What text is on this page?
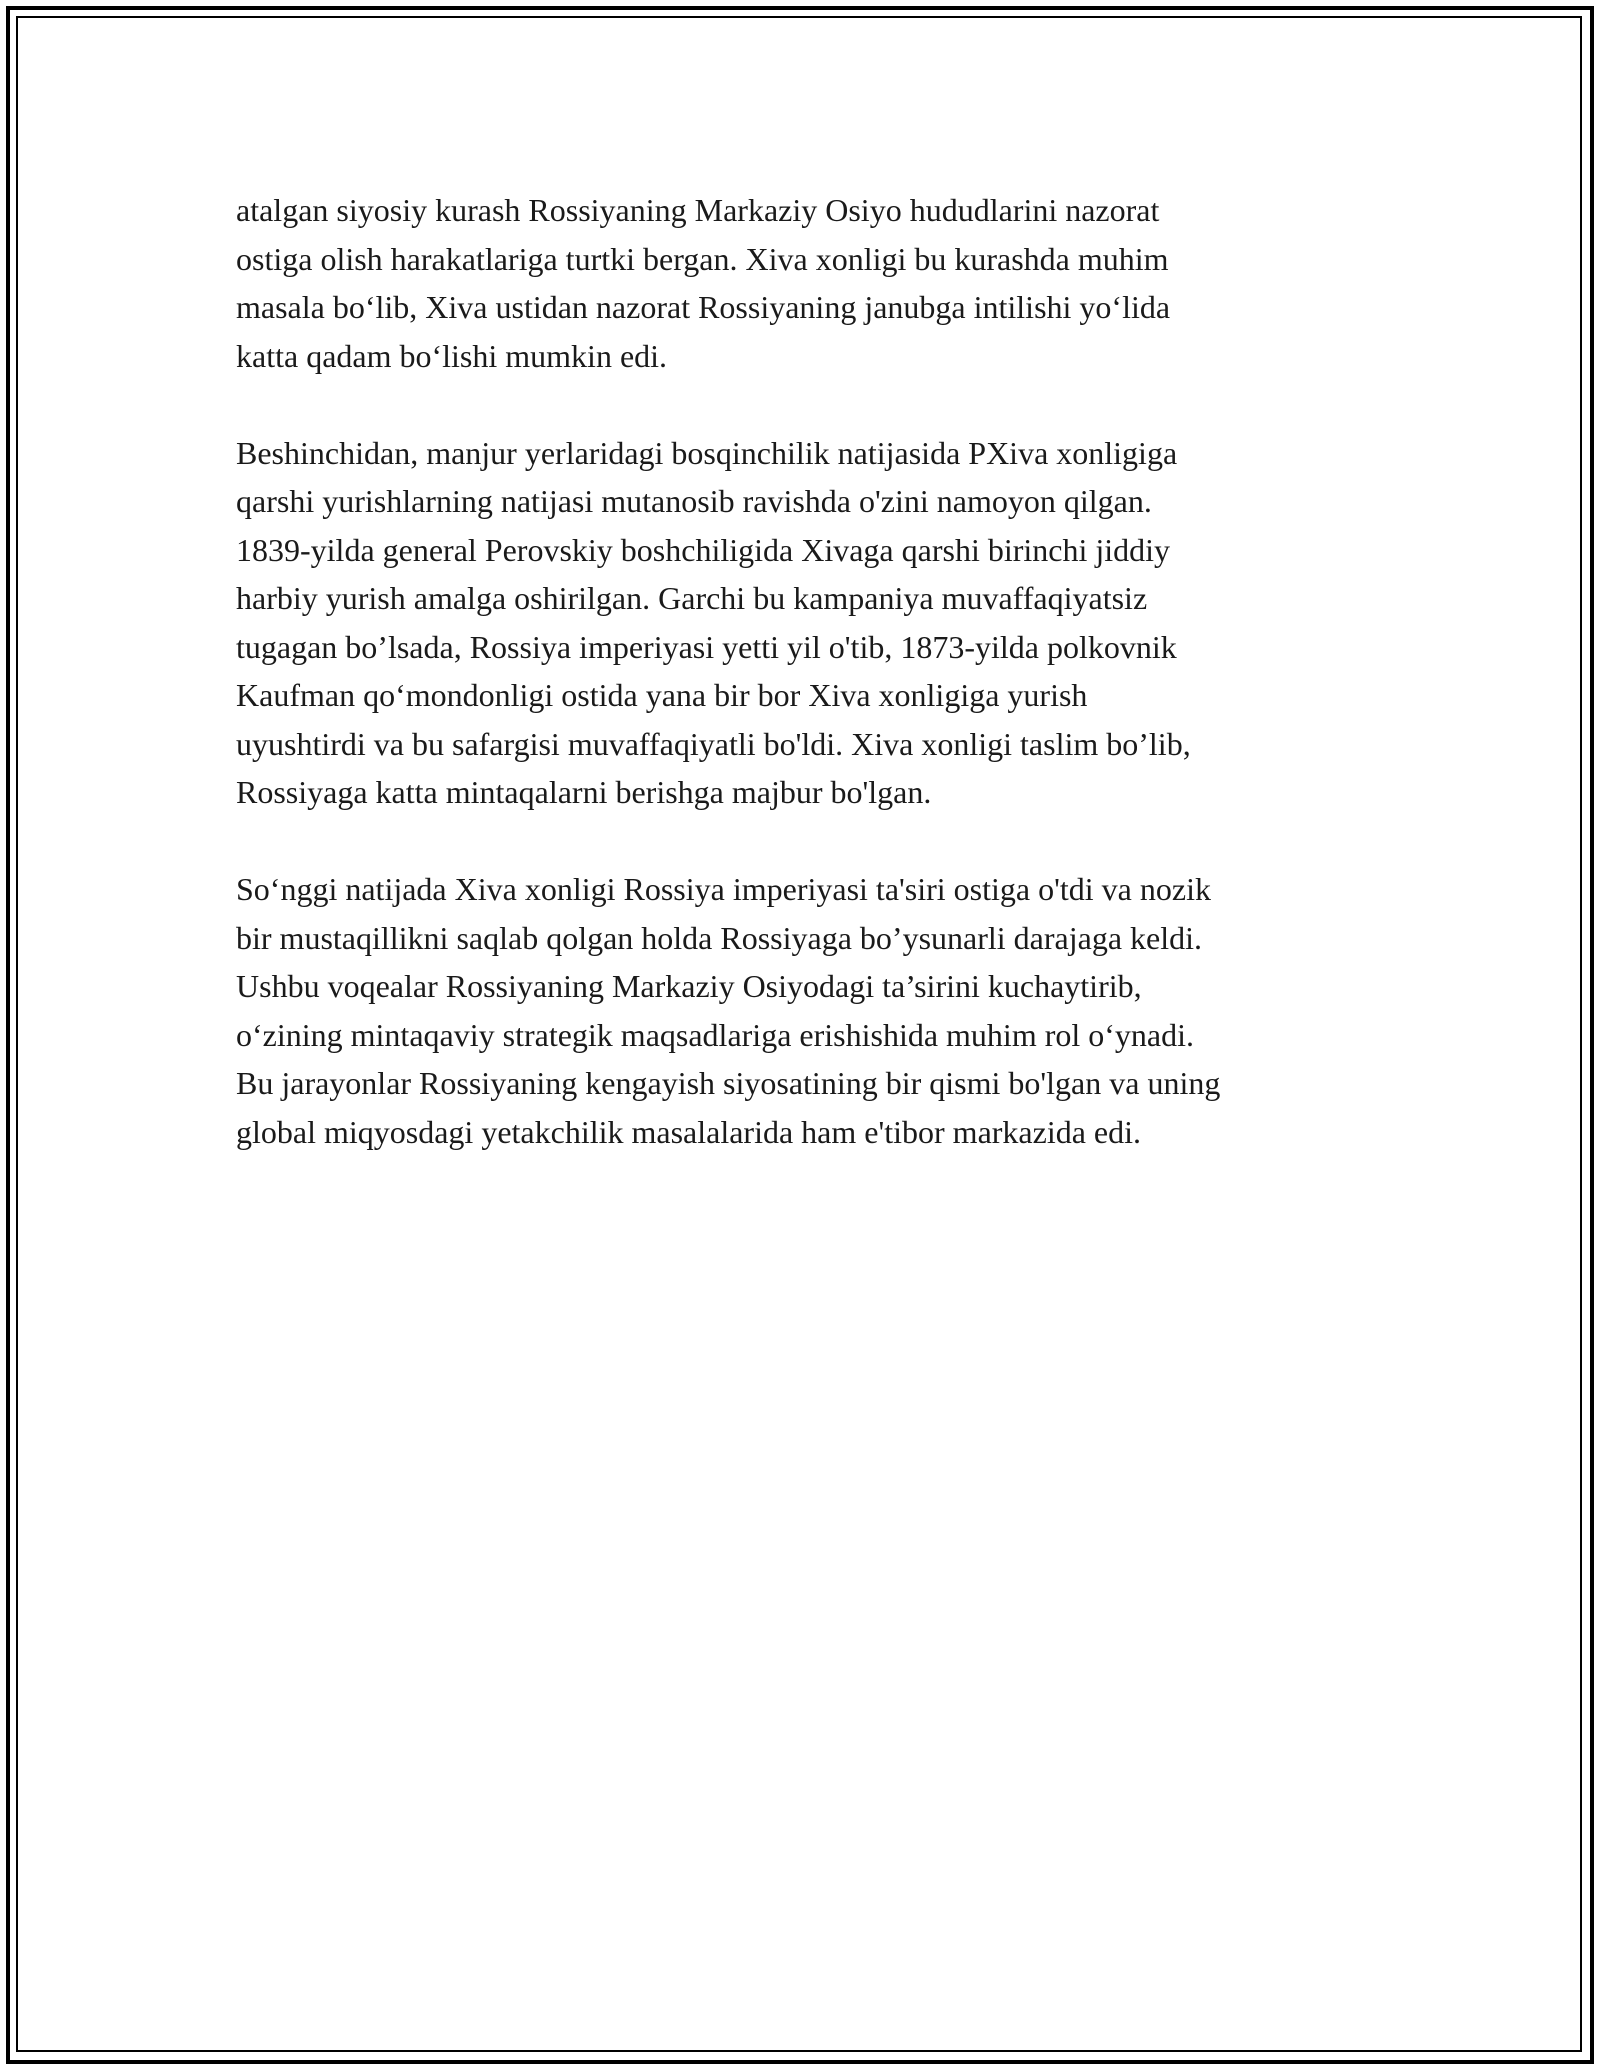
atalgan siyosiy kurash Rossiyaning Markaziy Osiyo hududlarini nazorat
ostiga olish harakatlariga turtki bergan. Xiva xonligi bu kurashda muhim
masala bo‘lib, Xiva ustidan nazorat Rossiyaning janubga intilishi yo‘lida
katta qadam bo‘lishi mumkin edi.

Beshinchidan, manjur yerlaridagi bosqinchilik natijasida PXiva xonligiga
qarshi yurishlarning natijasi mutanosib ravishda o'zini namoyon qilgan.
1839-yilda general Perovskiy boshchiligida Xivaga qarshi birinchi jiddiy
harbiy yurish amalga oshirilgan. Garchi bu kampaniya muvaffaqiyatsiz
tugagan bo’lsada, Rossiya imperiyasi yetti yil o'tib, 1873-yilda polkovnik
Kaufman qo‘mondonligi ostida yana bir bor Xiva xonligiga yurish
uyushtirdi va bu safargisi muvaffaqiyatli bo'ldi. Xiva xonligi taslim bo’lib,
Rossiyaga katta mintaqalarni berishga majbur bo'lgan.

So‘nggi natijada Xiva xonligi Rossiya imperiyasi ta'siri ostiga o'tdi va nozik
bir mustaqillikni saqlab qolgan holda Rossiyaga bo’ysunarli darajaga keldi.
Ushbu voqealar Rossiyaning Markaziy Osiyodagi ta’sirini kuchaytirib,
o‘zining mintaqaviy strategik maqsadlariga erishishida muhim rol o‘ynadi.
Bu jarayonlar Rossiyaning kengayish siyosatining bir qismi bo'lgan va uning
global miqyosdagi yetakchilik masalalarida ham e'tibor markazida edi.
